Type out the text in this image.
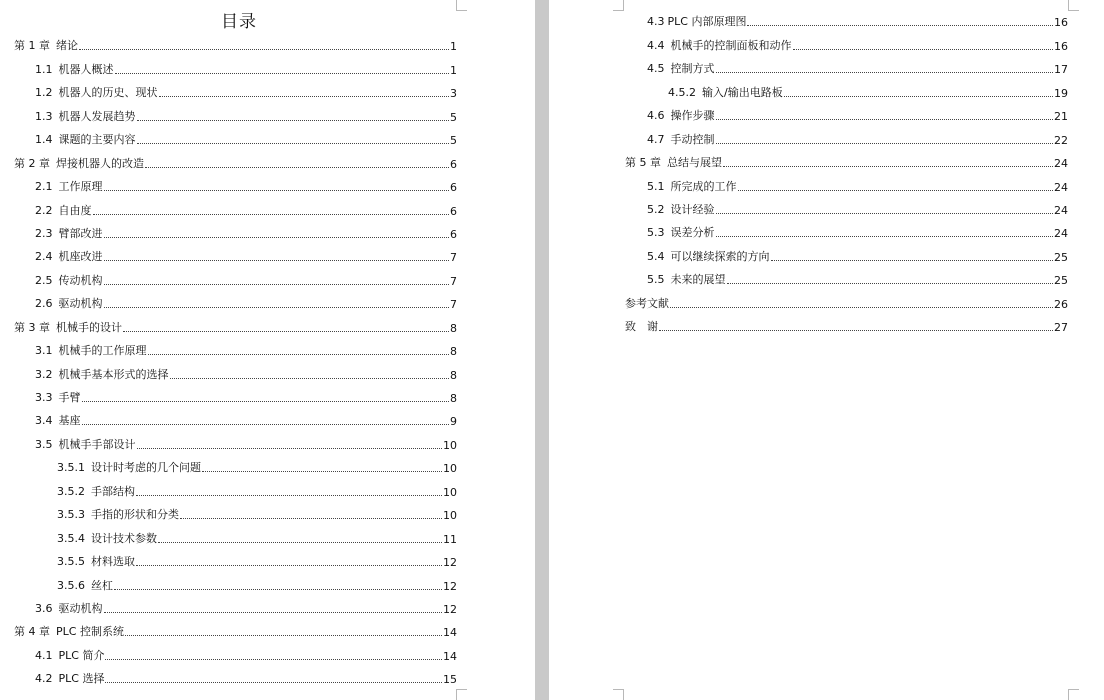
目录
第 1 章 绪论	1
1.1 机器人概述	1
1.2 机器人的历史、现状	3
1.3 机器人发展趋势	5
1.4 课题的主要内容	5
第 2 章 焊接机器人的改造	6
2.1 工作原理	6
2.2 自由度	6
2.3 臂部改进	6
2.4 机座改进	7
2.5 传动机构	7
2.6 驱动机构	7
第 3 章 机械手的设计	8
3.1 机械手的工作原理	8
3.2 机械手基本形式的选择	8
3.3 手臂	8
3.4 基座	9
3.5 机械手手部设计	10
3.5.1 设计时考虑的几个问题	10
3.5.2 手部结构	10
3.5.3 手指的形状和分类	10
3.5.4 设计技术参数	11
3.5.5 材料选取	12
3.5.6 丝杠	12
3.6 驱动机构	12
第 4 章 PLC 控制系统	14
4.1 PLC 简介	14
4.2 PLC 选择	15
4.3 PLC 内部原理图	16
4.4 机械手的控制面板和动作	16
4.5 控制方式	17
4.5.2 输入/输出电路板	19
4.6 操作步骤	21
4.7 手动控制	22
第 5 章 总结与展望	24
5.1 所完成的工作	24
5.2 设计经验	24
5.3 误差分析	24
5.4 可以继续探索的方向	25
5.5 未来的展望	25
参考文献	26
致　谢	27
